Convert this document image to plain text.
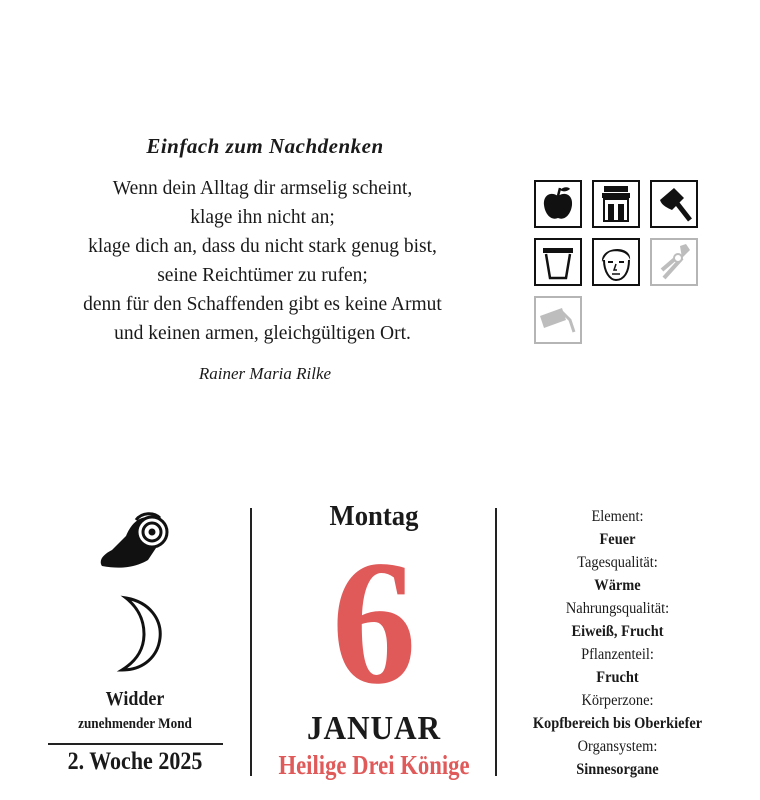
Einfach zum Nachdenken
Wenn dein Alltag dir armselig scheint,
klage ihn nicht an;
klage dich an, dass du nicht stark genug bist,
seine Reichtümer zu rufen;
denn für den Schaffenden gibt es keine Armut
und keinen armen, gleichgültigen Ort.
Rainer Maria Rilke
Widder
zunehmender Mond
2. Woche 2025
Montag
6
JANUAR
Heilige Drei Könige
Element:
Feuer
Tagesqualität:
Wärme
Nahrungsqualität:
Eiweiß, Frucht
Pflanzenteil:
Frucht
Körperzone:
Kopfbereich bis Oberkiefer
Organsystem:
Sinnesorgane
